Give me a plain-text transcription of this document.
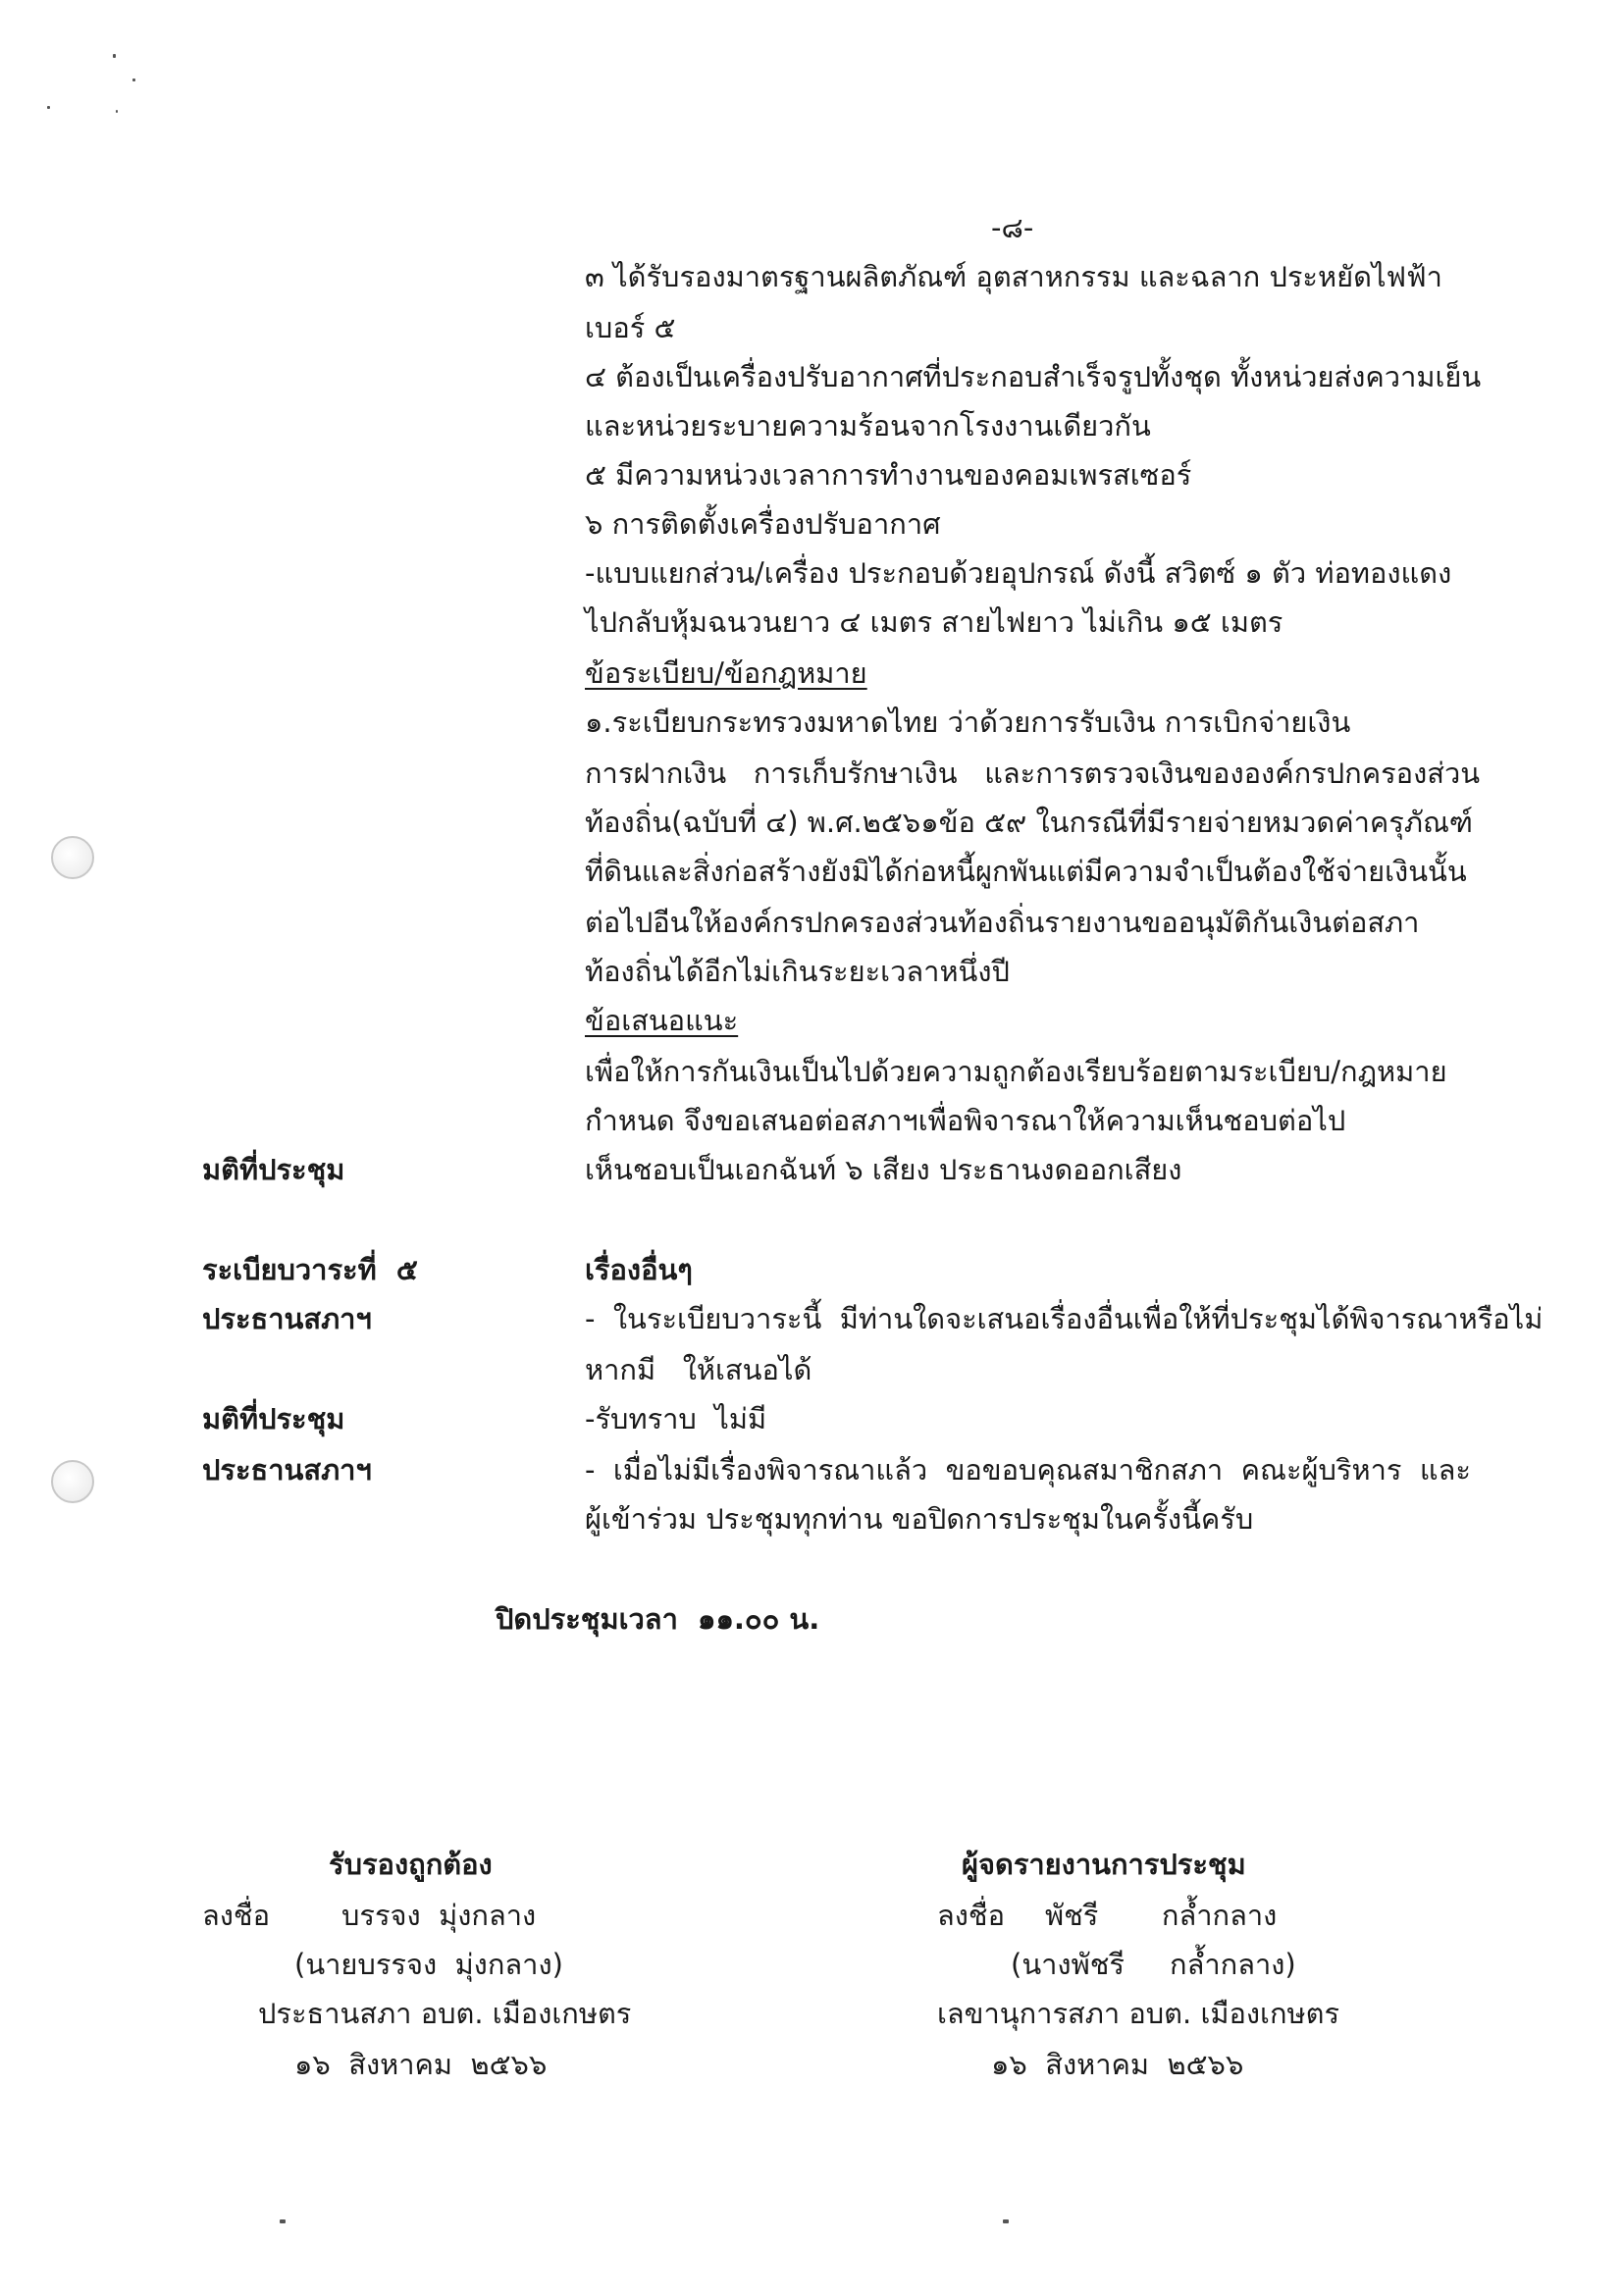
-๘-
๓ ได้รับรองมาตรฐานผลิตภัณฑ์ อุตสาหกรรม และฉลาก ประหยัดไฟฟ้า
เบอร์ ๕
๔ ต้องเป็นเครื่องปรับอากาศที่ประกอบสำเร็จรูปทั้งชุด ทั้งหน่วยส่งความเย็น
และหน่วยระบายความร้อนจากโรงงานเดียวกัน
๕ มีความหน่วงเวลาการทำงานของคอมเพรสเซอร์
๖ การติดตั้งเครื่องปรับอากาศ
-แบบแยกส่วน/เครื่อง ประกอบด้วยอุปกรณ์ ดังนี้ สวิตซ์ ๑ ตัว ท่อทองแดง
ไปกลับหุ้มฉนวนยาว ๔ เมตร สายไฟยาว ไม่เกิน ๑๕ เมตร
ข้อระเบียบ/ข้อกฎหมาย
๑.ระเบียบกระทรวงมหาดไทย ว่าด้วยการรับเงิน การเบิกจ่ายเงิน
การฝากเงิน   การเก็บรักษาเงิน   และการตรวจเงินขององค์กรปกครองส่วน
ท้องถิ่น(ฉบับที่ ๔) พ.ศ.๒๕๖๑ข้อ ๕๙ ในกรณีที่มีรายจ่ายหมวดค่าครุภัณฑ์
ที่ดินและสิ่งก่อสร้างยังมิได้ก่อหนี้ผูกพันแต่มีความจำเป็นต้องใช้จ่ายเงินนั้น
ต่อไปอีนให้องค์กรปกครองส่วนท้องถิ่นรายงานขออนุมัติกันเงินต่อสภา
ท้องถิ่นได้อีกไม่เกินระยะเวลาหนึ่งปี
ข้อเสนอแนะ
เพื่อให้การกันเงินเป็นไปด้วยความถูกต้องเรียบร้อยตามระเบียบ/กฎหมาย
กำหนด จึงขอเสนอต่อสภาฯเพื่อพิจารณาให้ความเห็นชอบต่อไป
มติที่ประชุม	เห็นชอบเป็นเอกฉันท์ ๖ เสียง ประธานงดออกเสียง
ระเบียบวาระที่  ๕	เรื่องอื่นๆ
ประธานสภาฯ	-  ในระเบียบวาระนี้  มีท่านใดจะเสนอเรื่องอื่นเพื่อให้ที่ประชุมได้พิจารณาหรือไม่
หากมี   ให้เสนอได้
มติที่ประชุม	-รับทราบ  ไม่มี
ประธานสภาฯ	-  เมื่อไม่มีเรื่องพิจารณาแล้ว  ขอขอบคุณสมาชิกสภา  คณะผู้บริหาร  และ
ผู้เข้าร่วม ประชุมทุกท่าน ขอปิดการประชุมในครั้งนี้ครับ
ปิดประชุมเวลา  ๑๑.๐๐ น.
รับรองถูกต้อง
ลงชื่อ	บรรจง  มุ่งกลาง
(นายบรรจง  มุ่งกลาง)
ประธานสภา อบต. เมืองเกษตร
๑๖  สิงหาคม  ๒๕๖๖
ผู้จดรายงานการประชุม
ลงชื่อ พัชรี       กล้ำกลาง
(นางพัชรี     กล้ำกลาง)
เลขานุการสภา อบต. เมืองเกษตร
๑๖  สิงหาคม  ๒๕๖๖
